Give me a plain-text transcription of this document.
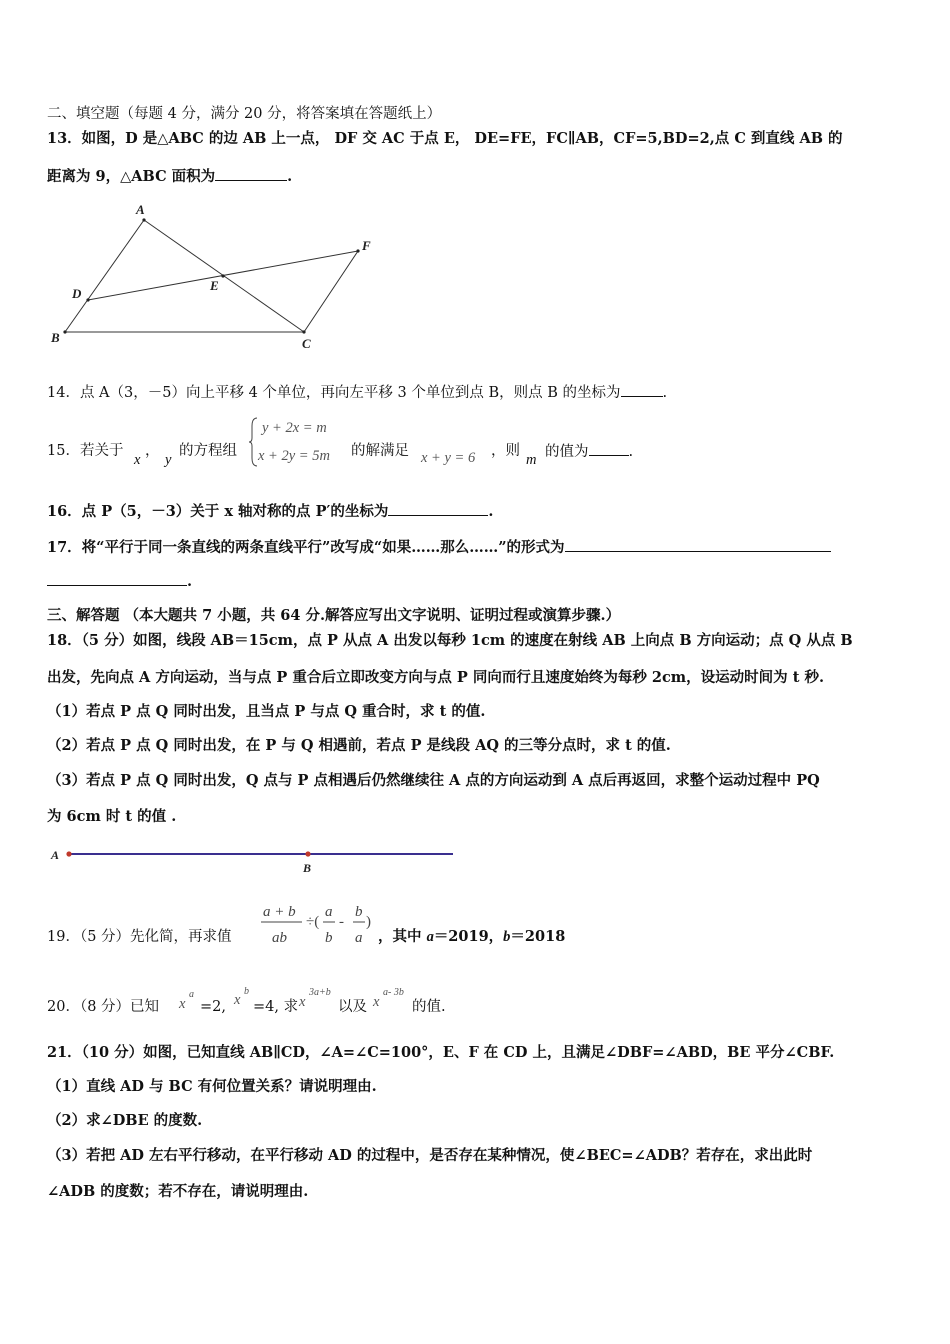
二、填空题（每题 4 分，满分 20 分，将答案填在答题纸上）
13．如图，D 是△ABC 的边 AB 上一点， DF 交 AC 于点 E， DE=FE，FC∥AB，CF=5,BD=2,点 C 到直线 AB 的
距离为 9，△ABC 面积为	.
A
B	C
D
E
F
14．点 A（3，－5）向上平移 4 个单位，再向左平移 3 个单位到点 B，则点 B 的坐标为	.
15．若关于
x
，
y
的方程组
y + 2x = m
x + 2y = 5m 的解满足 x + y = 6 ，则
m 的值为	.
16．点 P（5，－3）关于 x 轴对称的点 P′的坐标为	.
17．将“平行于同一条直线的两条直线平行”改写成“如果……那么……”的形式为
.
三、解答题 （本大题共 7 小题，共 64 分.解答应写出文字说明、证明过程或演算步骤.）
18．（5 分）如图，线段 AB＝15cm，点 P 从点 A 出发以每秒 1cm 的速度在射线 AB 上向点 B 方向运动；点 Q 从点 B
出发，先向点 A 方向运动，当与点 P 重合后立即改变方向与点 P 同向而行且速度始终为每秒 2cm，设运动时间为 t 秒.
（1）若点 P 点 Q 同时出发，且当点 P 与点 Q 重合时，求 t 的值.
（2）若点 P 点 Q 同时出发，在 P 与 Q 相遇前，若点 P 是线段 AQ 的三等分点时，求 t 的值.
（3）若点 P 点 Q 同时出发，Q 点与 P 点相遇后仍然继续往 A 点的方向运动到 A 点后再返回，求整个运动过程中 PQ
为 6cm 时 t 的值 .
A
B
19．（5 分）先化简，再求值
a + b
ab
÷(
a
b
-
b
a
)
，其中 a＝2019，b＝2018
20．（8 分）已知 x
a
=2, x
b
=4, 求 x
3a+b
以及 x
a- 3b
的值.
21．（10 分）如图，已知直线 AB∥CD，∠A=∠C=100°，E、F 在 CD 上，且满足∠DBF=∠ABD，BE 平分∠CBF.
（1）直线 AD 与 BC 有何位置关系？请说明理由.
（2）求∠DBE 的度数.
（3）若把 AD 左右平行移动，在平行移动 AD 的过程中，是否存在某种情况，使∠BEC=∠ADB？若存在，求出此时
∠ADB 的度数；若不存在，请说明理由.
